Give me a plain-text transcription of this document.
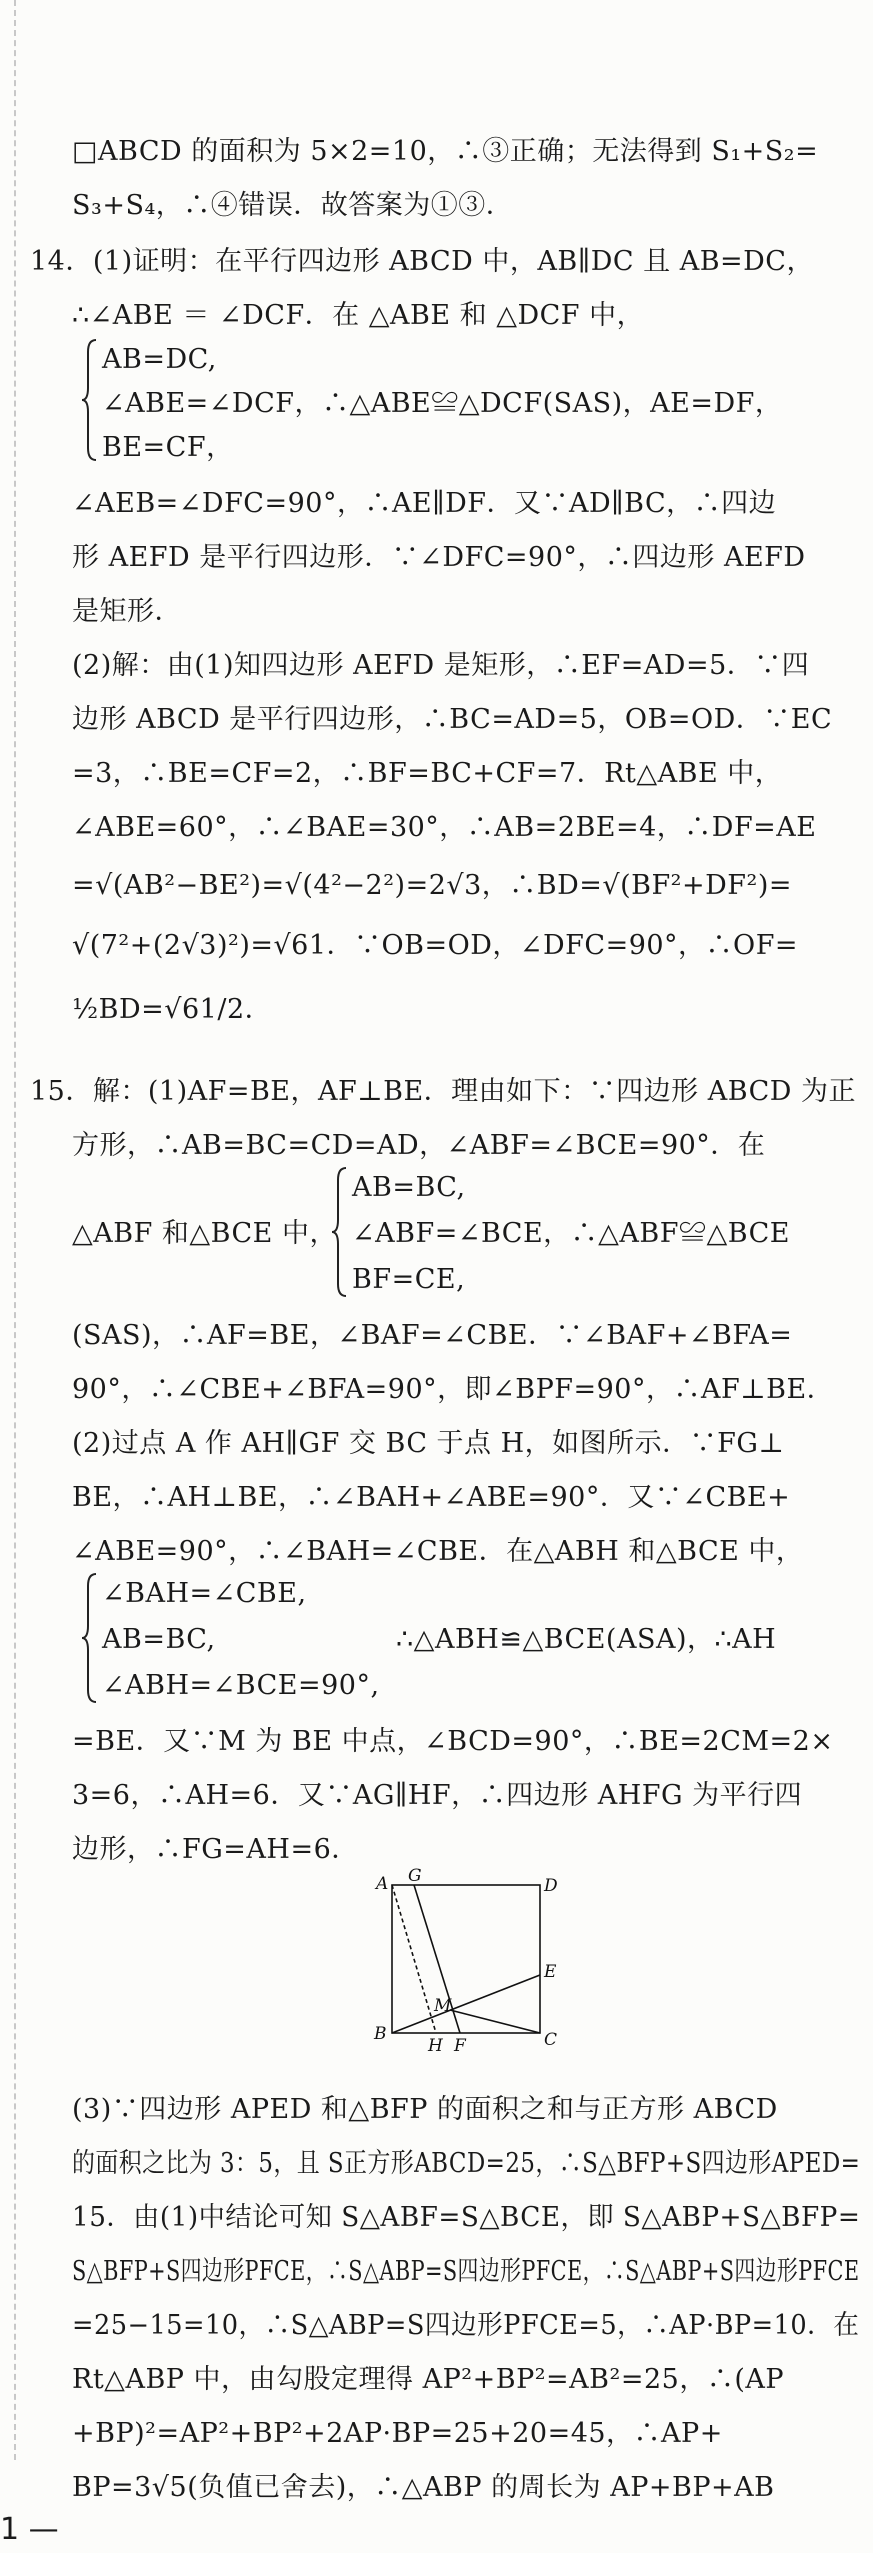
□ABCD 的面积为 5×2=10，∴③正确；无法得到 S₁+S₂=
S₃+S₄，∴④错误．故答案为①③．
14．(1)证明：在平行四边形 ABCD 中，AB∥DC 且 AB=DC，
∴∠ABE ＝ ∠DCF．在 △ABE 和 △DCF 中，
AB=DC,
∠ABE=∠DCF，∴△ABE≌△DCF(SAS)，AE=DF，
BE=CF，
∠AEB=∠DFC=90°，∴AE∥DF．又∵AD∥BC，∴四边
形 AEFD 是平行四边形．∵∠DFC=90°，∴四边形 AEFD
是矩形．
(2)解：由(1)知四边形 AEFD 是矩形，∴EF=AD=5．∵四
边形 ABCD 是平行四边形，∴BC=AD=5，OB=OD．∵EC
=3，∴BE=CF=2，∴BF=BC+CF=7．Rt△ABE 中，
∠ABE=60°，∴∠BAE=30°，∴AB=2BE=4，∴DF=AE
=√(AB²−BE²)=√(4²−2²)=2√3，∴BD=√(BF²+DF²)=
√(7²+(2√3)²)=√61．∵OB=OD，∠DFC=90°，∴OF=
½BD=√61/2．
15．解：(1)AF=BE，AF⊥BE．理由如下：∵四边形 ABCD 为正
方形，∴AB=BC=CD=AD，∠ABF=∠BCE=90°．在
AB=BC,
△ABF 和△BCE 中， ∠ABF=∠BCE，∴△ABF≌△BCE
BF=CE,
(SAS)，∴AF=BE，∠BAF=∠CBE．∵∠BAF+∠BFA=
90°，∴∠CBE+∠BFA=90°，即∠BPF=90°，∴AF⊥BE．
(2)过点 A 作 AH∥GF 交 BC 于点 H，如图所示．∵FG⊥
BE，∴AH⊥BE，∴∠BAH+∠ABE=90°．又∵∠CBE+
∠ABE=90°，∴∠BAH=∠CBE．在△ABH 和△BCE 中，
∠BAH=∠CBE,
AB=BC,	∴△ABH≌△BCE(ASA)，∴AH
∠ABH=∠BCE=90°,
=BE．又∵M 为 BE 中点，∠BCD=90°，∴BE=2CM=2×
3=6，∴AH=6．又∵AG∥HF，∴四边形 AHFG 为平行四
边形，∴FG=AH=6．
A G	D
E
M
B
H F	C
(3)∵四边形 APED 和△BFP 的面积之和与正方形 ABCD
的面积之比为 3：5，且 S正方形ABCD=25，∴S△BFP+S四边形APED=
15．由(1)中结论可知 S△ABF=S△BCE，即 S△ABP+S△BFP=
S△BFP+S四边形PFCE，∴S△ABP=S四边形PFCE，∴S△ABP+S四边形PFCE
=25−15=10，∴S△ABP=S四边形PFCE=5，∴AP·BP=10．在
Rt△ABP 中，由勾股定理得 AP²+BP²=AB²=25，∴(AP
+BP)²=AP²+BP²+2AP·BP=25+20=45，∴AP+
BP=3√5(负值已舍去)，∴△ABP 的周长为 AP+BP+AB
1 —
